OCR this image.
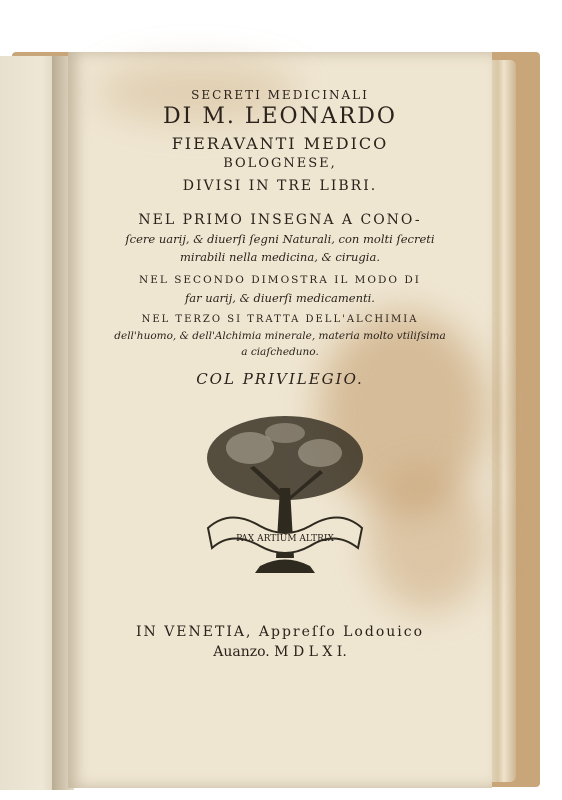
SECRETI MEDICINALI
DI M. LEONARDO
FIERAVANTI MEDICO
BOLOGNESE,
DIVISI IN TRE LIBRI.
NEL PRIMO INSEGNA A CONO-
ſcere uarij, & diuerſi ſegni Naturali, con molti ſecreti
mirabili nella medicina, & cirugia.
NEL SECONDO DIMOSTRA IL MODO DI
far uarij, & diuerſi medicamenti.
NEL TERZO SI TRATTA DELL'ALCHIMIA
dell'huomo, & dell'Alchimia minerale, materia molto vtiliſsima
a ciaſcheduno.
COL PRIVILEGIO.
IN VENETIA, Appreſſo Lodouico
Auanzo. M D L X I.
PAX ARTIUM ALTRIX
